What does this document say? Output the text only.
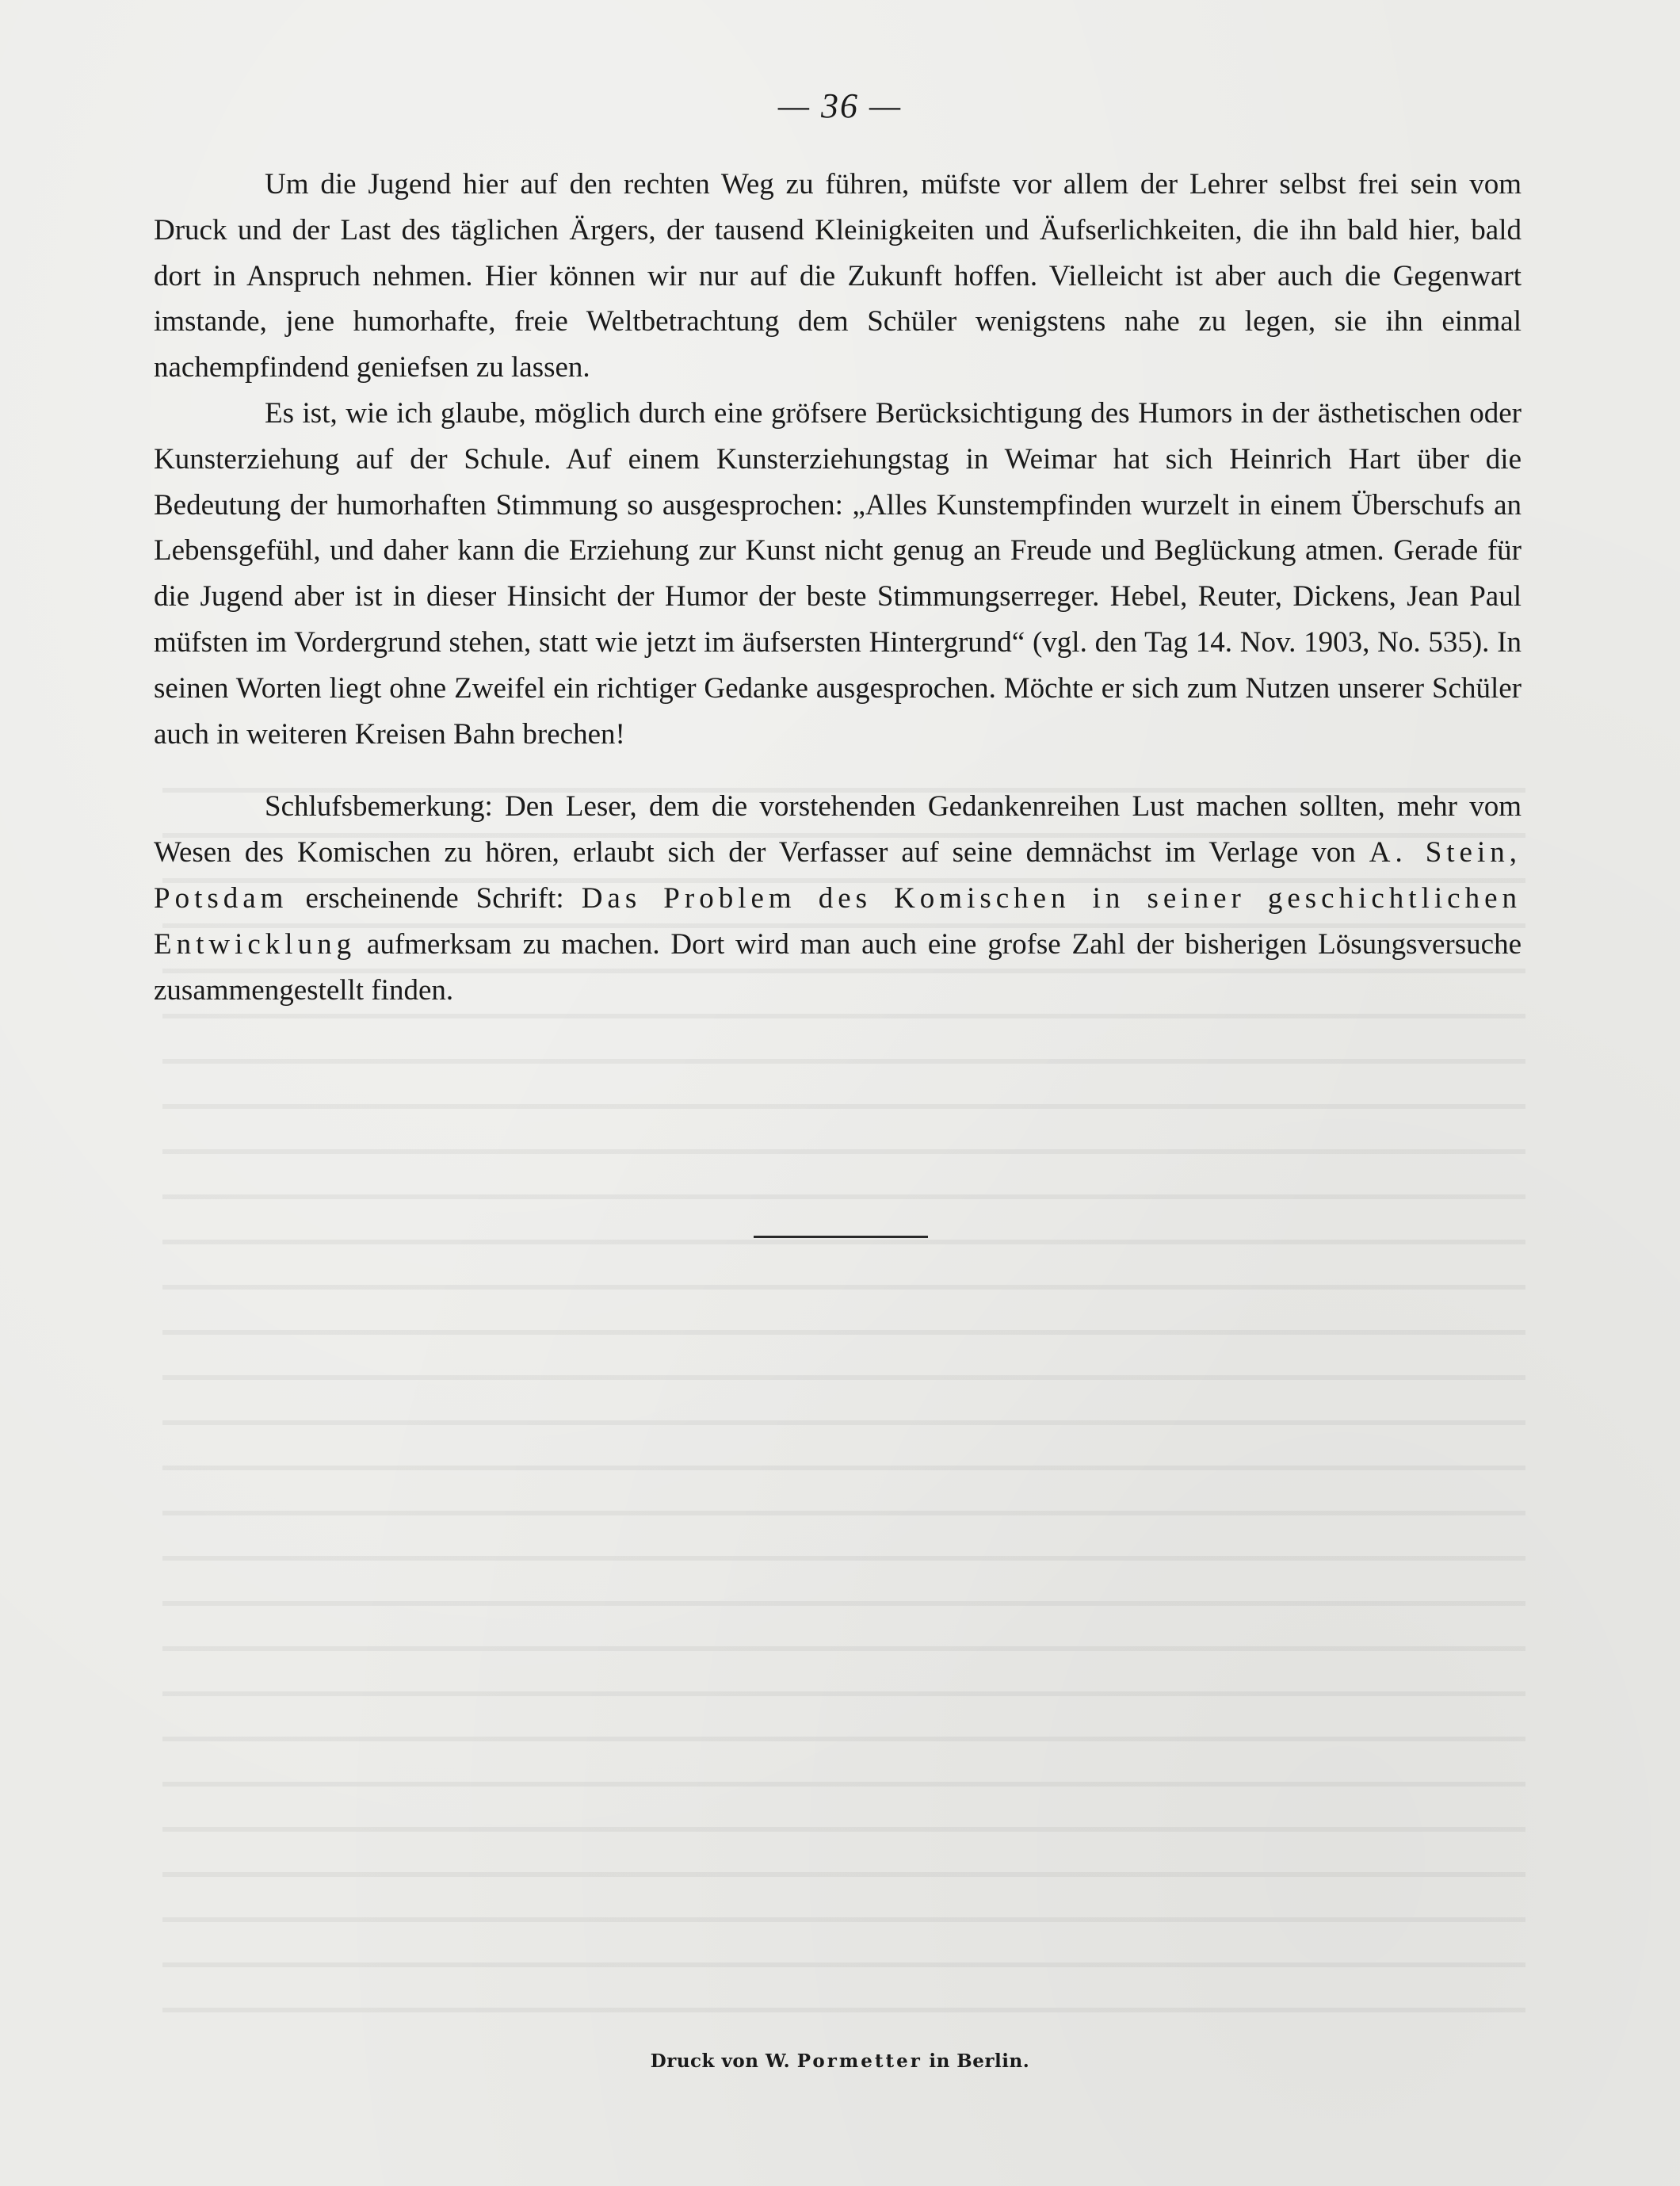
— 36 —

Um die Jugend hier auf den rechten Weg zu führen, müfste vor allem der Lehrer selbst frei sein vom Druck und der Last des täglichen Ärgers, der tausend Kleinigkeiten und Äufserlichkeiten, die ihn bald hier, bald dort in Anspruch nehmen. Hier können wir nur auf die Zukunft hoffen. Vielleicht ist aber auch die Gegenwart imstande, jene humorhafte, freie Weltbetrachtung dem Schüler wenigstens nahe zu legen, sie ihn einmal nachempfindend geniefsen zu lassen.

Es ist, wie ich glaube, möglich durch eine gröfsere Berücksichtigung des Humors in der ästhetischen oder Kunsterziehung auf der Schule. Auf einem Kunsterziehungstag in Weimar hat sich Heinrich Hart über die Bedeutung der humorhaften Stimmung so ausgesprochen: „Alles Kunstempfinden wurzelt in einem Überschufs an Lebensgefühl, und daher kann die Erziehung zur Kunst nicht genug an Freude und Beglückung atmen. Gerade für die Jugend aber ist in dieser Hinsicht der Humor der beste Stimmungserreger. Hebel, Reuter, Dickens, Jean Paul müfsten im Vordergrund stehen, statt wie jetzt im äufsersten Hintergrund“ (vgl. den Tag 14. Nov. 1903, No. 535). In seinen Worten liegt ohne Zweifel ein richtiger Gedanke ausgesprochen. Möchte er sich zum Nutzen unserer Schüler auch in weiteren Kreisen Bahn brechen!

Schlufsbemerkung: Den Leser, dem die vorstehenden Gedankenreihen Lust machen sollten, mehr vom Wesen des Komischen zu hören, erlaubt sich der Verfasser auf seine demnächst im Verlage von A. Stein, Potsdam erscheinende Schrift: Das Problem des Komischen in seiner geschichtlichen Entwicklung aufmerksam zu machen. Dort wird man auch eine grofse Zahl der bisherigen Lösungsversuche zusammengestellt finden.

Druck von W. Pormetter in Berlin.
